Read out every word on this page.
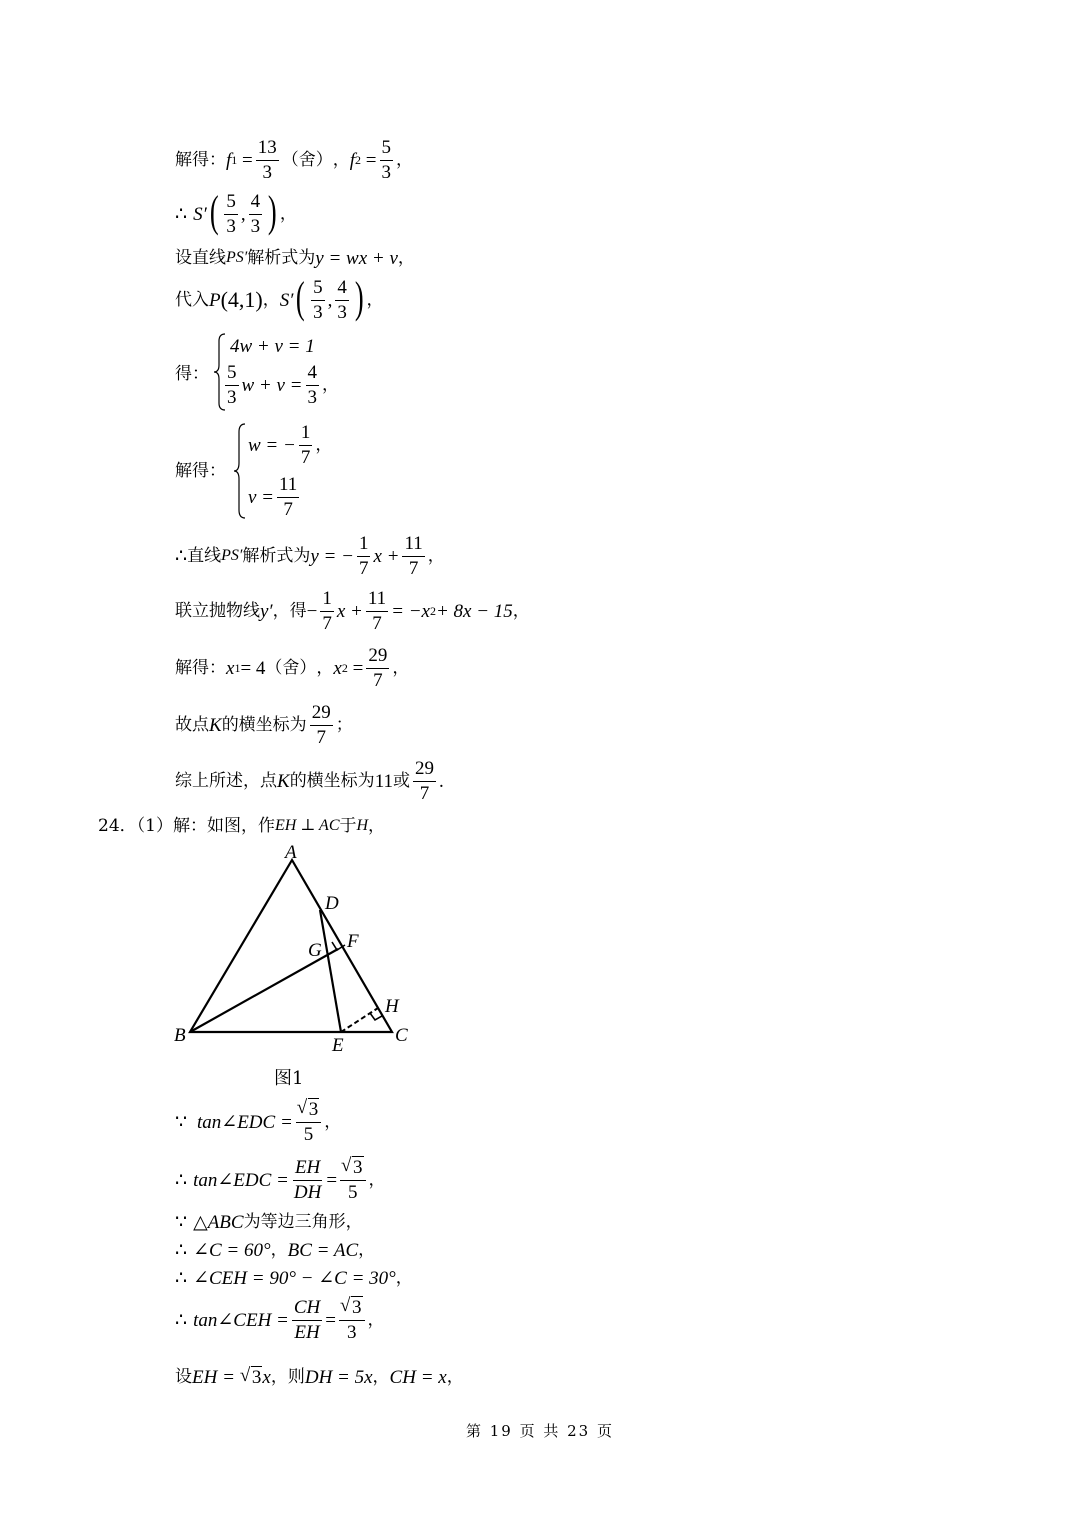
解得： f $1 = \frac{13}{3}$ （舍） ， f $2 = \frac{5}{3}$ ，
∴ S′ ( $\frac{5}{3}$ , $\frac{4}{3}$ ) ，
设直线 PS′ 解析式为 y = wx + v ，
代入 P (4,1) ， S′ ( $\frac{5}{3}$ , $\frac{4}{3}$ ) ，
得：
4w + v = 1
$\frac{5}{3}$ $w + v = \frac{4}{3}$ ，
解得：
w = − $\frac{1}{7}$ ，
$v = \frac{11}{7}$
∴ 直线 PS′ 解析式为 y = − $\frac{1}{7}$ $x + \frac{11}{7}$ ，
联立抛物线 y′ ，得 − $\frac{1}{7}$ $x + \frac{11}{7} = -x$ 2 + 8x − 15 ，
解得： x 1 = 4 （舍） ， x $2 = \frac{29}{7}$ ，
故点 K 的横坐标为 $\frac{29}{7}$ ；
综上所述，点 K 的横坐标为 11 或 $\frac{29}{7}$ .
24．（1）解：如图，作 EH ⊥ AC 于 H ，
A
D
G F
H
B	E	C
图1
∵ tan∠EDC = √ $\frac{3}{5}$ ，
∴ tan∠EDC = $\frac{EH}{DH}$ = √ $\frac{3}{5}$ ，
∵ △ABC 为等边三角形，
∴ ∠C = 60° ， BC = AC ，
∴ ∠CEH = 90° − ∠C = 30° ，
∴ tan∠CEH = $\frac{CH}{EH}$ = √ $\frac{3}{3}$ ，
设 EH = √ 3 x ，则 DH = 5x ， CH = x ，
第 19 页 共 23 页
